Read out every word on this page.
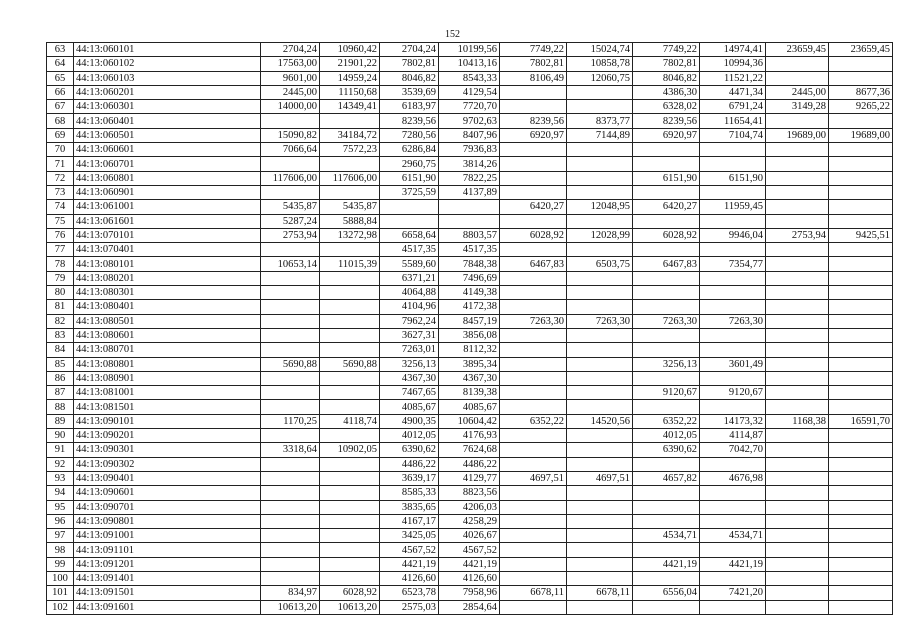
152
63	44:13:060101	2704,24	10960,42	2704,24	10199,56	7749,22	15024,74	7749,22	14974,41	23659,45	23659,45
64	44:13:060102	17563,00	21901,22	7802,81	10413,16	7802,81	10858,78	7802,81	10994,36		
65	44:13:060103	9601,00	14959,24	8046,82	8543,33	8106,49	12060,75	8046,82	11521,22		
66	44:13:060201	2445,00	11150,68	3539,69	4129,54			4386,30	4471,34	2445,00	8677,36
67	44:13:060301	14000,00	14349,41	6183,97	7720,70			6328,02	6791,24	3149,28	9265,22
68	44:13:060401			8239,56	9702,63	8239,56	8373,77	8239,56	11654,41		
69	44:13:060501	15090,82	34184,72	7280,56	8407,96	6920,97	7144,89	6920,97	7104,74	19689,00	19689,00
70	44:13:060601	7066,64	7572,23	6286,84	7936,83						
71	44:13:060701			2960,75	3814,26						
72	44:13:060801	117606,00	117606,00	6151,90	7822,25			6151,90	6151,90		
73	44:13:060901			3725,59	4137,89						
74	44:13:061001	5435,87	5435,87			6420,27	12048,95	6420,27	11959,45		
75	44:13:061601	5287,24	5888,84								
76	44:13:070101	2753,94	13272,98	6658,64	8803,57	6028,92	12028,99	6028,92	9946,04	2753,94	9425,51
77	44:13:070401			4517,35	4517,35						
78	44:13:080101	10653,14	11015,39	5589,60	7848,38	6467,83	6503,75	6467,83	7354,77		
79	44:13:080201			6371,21	7496,69						
80	44:13:080301			4064,88	4149,38						
81	44:13:080401			4104,96	4172,38						
82	44:13:080501			7962,24	8457,19	7263,30	7263,30	7263,30	7263,30		
83	44:13:080601			3627,31	3856,08						
84	44:13:080701			7263,01	8112,32						
85	44:13:080801	5690,88	5690,88	3256,13	3895,34			3256,13	3601,49		
86	44:13:080901			4367,30	4367,30						
87	44:13:081001			7467,65	8139,38			9120,67	9120,67		
88	44:13:081501			4085,67	4085,67						
89	44:13:090101	1170,25	4118,74	4900,35	10604,42	6352,22	14520,56	6352,22	14173,32	1168,38	16591,70
90	44:13:090201			4012,05	4176,93			4012,05	4114,87		
91	44:13:090301	3318,64	10902,05	6390,62	7624,68			6390,62	7042,70		
92	44:13:090302			4486,22	4486,22						
93	44:13:090401			3639,17	4129,77	4697,51	4697,51	4657,82	4676,98		
94	44:13:090601			8585,33	8823,56						
95	44:13:090701			3835,65	4206,03						
96	44:13:090801			4167,17	4258,29						
97	44:13:091001			3425,05	4026,67			4534,71	4534,71		
98	44:13:091101			4567,52	4567,52						
99	44:13:091201			4421,19	4421,19			4421,19	4421,19		
100	44:13:091401			4126,60	4126,60						
101	44:13:091501	834,97	6028,92	6523,78	7958,96	6678,11	6678,11	6556,04	7421,20		
102	44:13:091601	10613,20	10613,20	2575,03	2854,64						
